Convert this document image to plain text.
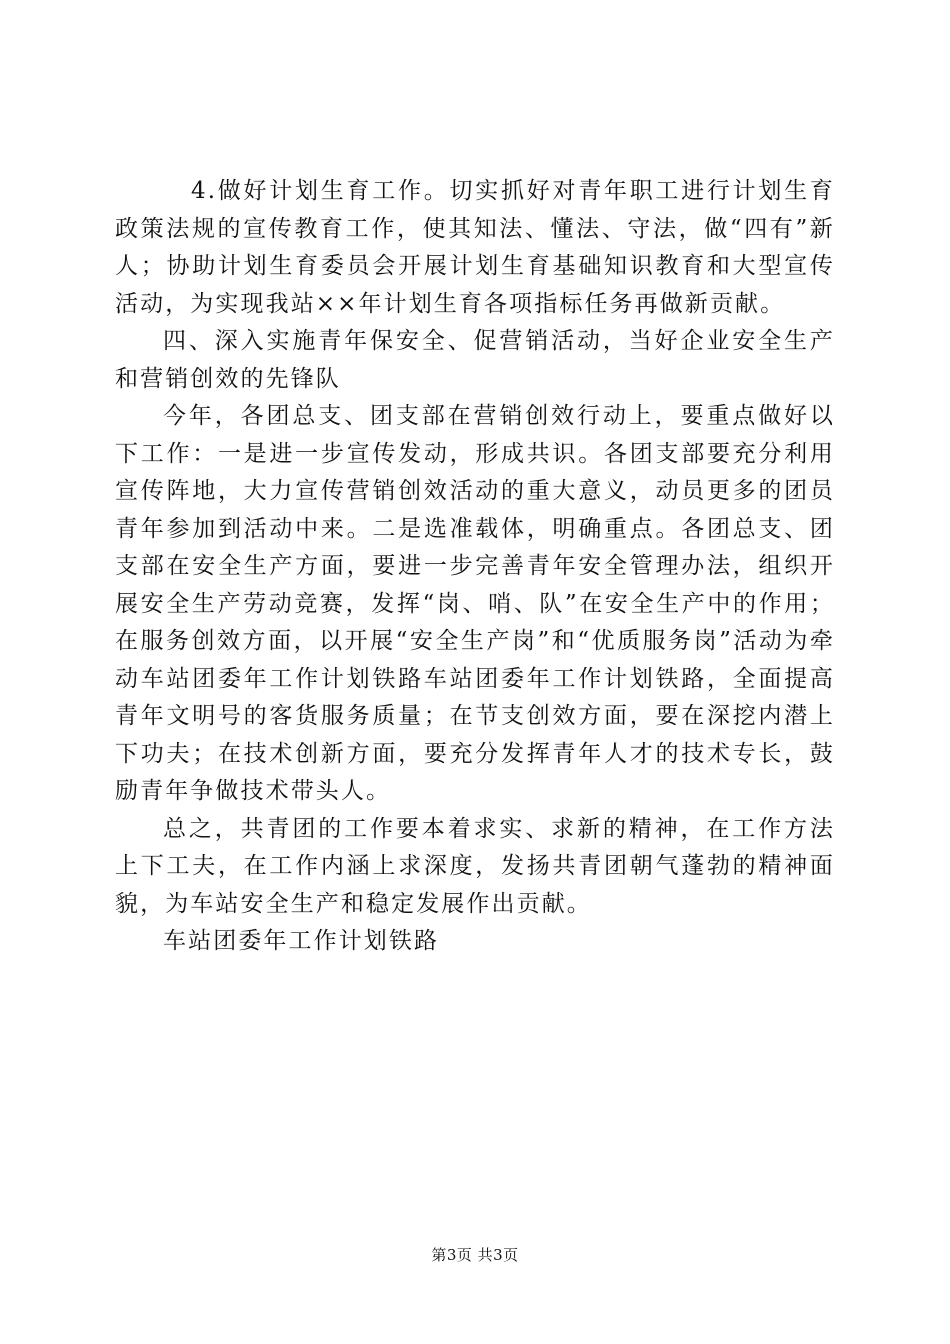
4.做好计划生育工作。切实抓好对青年职工进行计划生育政策法规的宣传教育工作，使其知法、懂法、守法，做“四有”新人；协助计划生育委员会开展计划生育基础知识教育和大型宣传活动，为实现我站××年计划生育各项指标任务再做新贡献。

四、深入实施青年保安全、促营销活动，当好企业安全生产和营销创效的先锋队

今年，各团总支、团支部在营销创效行动上，要重点做好以下工作：一是进一步宣传发动，形成共识。各团支部要充分利用宣传阵地，大力宣传营销创效活动的重大意义，动员更多的团员青年参加到活动中来。二是选准载体，明确重点。各团总支、团支部在安全生产方面，要进一步完善青年安全管理办法，组织开展安全生产劳动竞赛，发挥“岗、哨、队”在安全生产中的作用；在服务创效方面，以开展“安全生产岗”和“优质服务岗”活动为牵动车站团委年工作计划铁路车站团委年工作计划铁路，全面提高青年文明号的客货服务质量；在节支创效方面，要在深挖内潜上下功夫；在技术创新方面，要充分发挥青年人才的技术专长，鼓励青年争做技术带头人。

总之，共青团的工作要本着求实、求新的精神，在工作方法上下工夫，在工作内涵上求深度，发扬共青团朝气蓬勃的精神面貌，为车站安全生产和稳定发展作出贡献。

车站团委年工作计划铁路

第3页 共3页
